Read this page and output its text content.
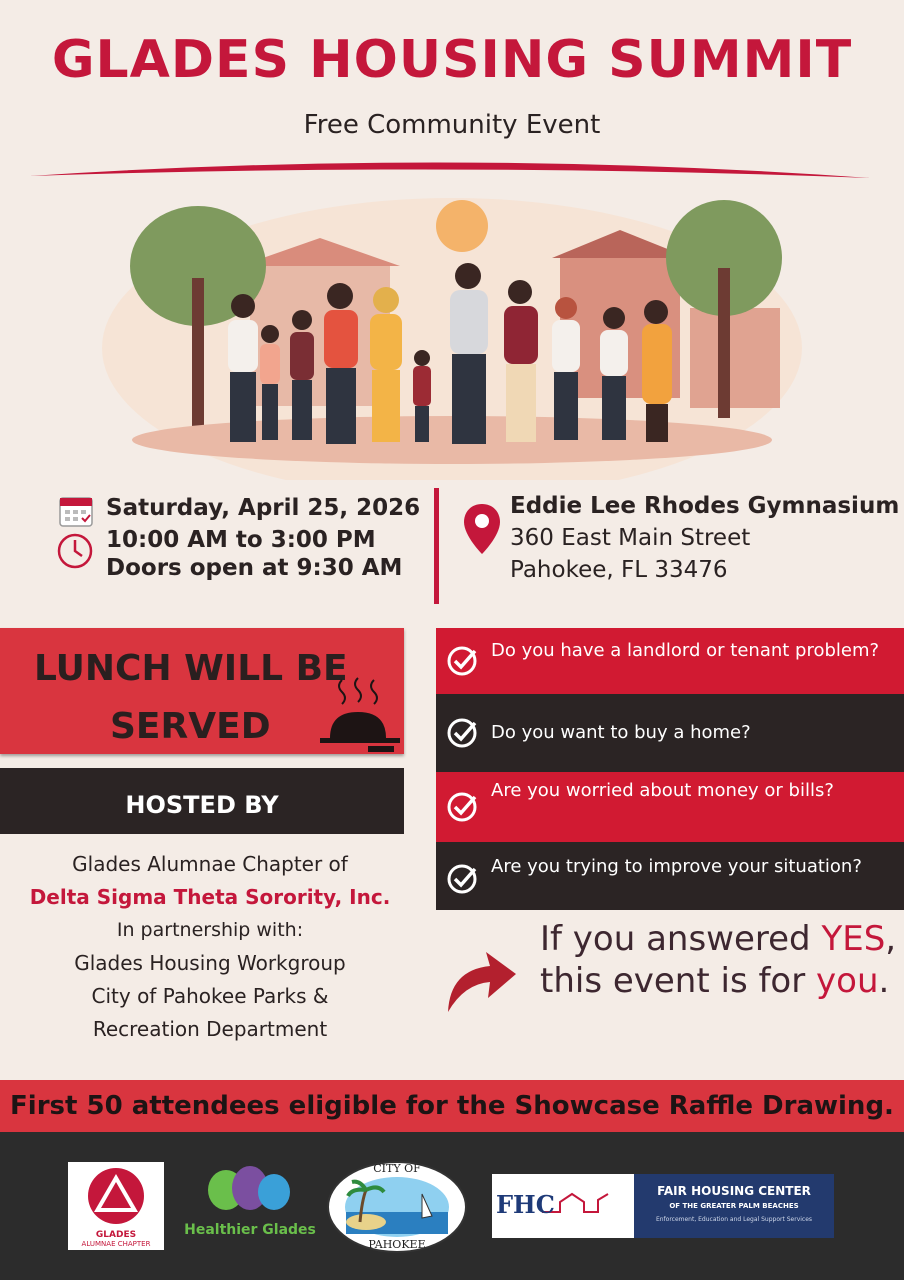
GLADES HOUSING SUMMIT
Free Community Event
Saturday, April 25, 2026
10:00 AM to 3:00 PM
Doors open at 9:30 AM
Eddie Lee Rhodes Gymnasium
360 East Main Street
Pahokee, FL 33476
LUNCH WILL BE
SERVED
HOSTED BY
Glades Alumnae Chapter of
Delta Sigma Theta Sorority, Inc.
In partnership with:
Glades Housing Workgroup
City of Pahokee Parks &
Recreation Department
Do you have a landlord or tenant problem?
Do you want to buy a home?
Are you worried about money or bills?
Are you trying to improve your situation?
If you answered YES, this event is for you.
First 50 attendees eligible for the Showcase Raffle Drawing.
GLADES
ALUMNAE CHAPTER
Healthier Glades
CITY OF
PAHOKEE
FHC	FAIR HOUSING CENTER
OF THE GREATER PALM BEACHES
Enforcement, Education and Legal Support Services
